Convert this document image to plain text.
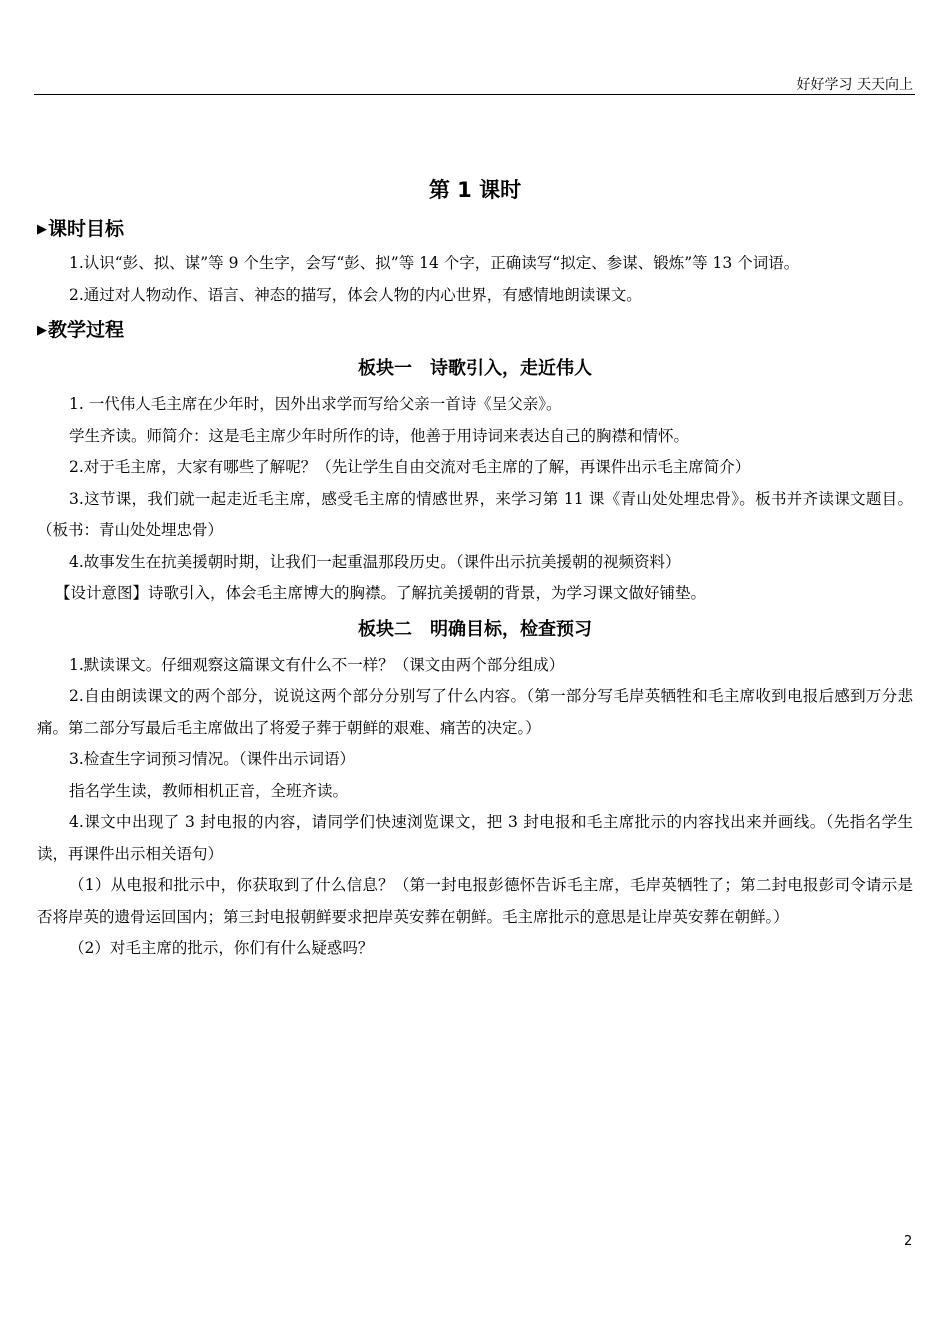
好好学习 天天向上
第 1 课时
▶课时目标

1.认识“彭、拟、谋”等 9 个生字，会写“彭、拟”等 14 个字，正确读写“拟定、参谋、锻炼”等 13 个词语。

2.通过对人物动作、语言、神态的描写，体会人物的内心世界，有感情地朗读课文。

▶教学过程
板块一　诗歌引入，走近伟人

1. 一代伟人毛主席在少年时，因外出求学而写给父亲一首诗《呈父亲》。

学生齐读。师简介：这是毛主席少年时所作的诗，他善于用诗词来表达自己的胸襟和情怀。

2.对于毛主席，大家有哪些了解呢？（先让学生自由交流对毛主席的了解，再课件出示毛主席简介）

3.这节课，我们就一起走近毛主席，感受毛主席的情感世界，来学习第 11 课《青山处处埋忠骨》。板书并齐读课文题目。（板书：青山处处埋忠骨）

4.故事发生在抗美援朝时期，让我们一起重温那段历史。（课件出示抗美援朝的视频资料）

【设计意图】诗歌引入，体会毛主席博大的胸襟。了解抗美援朝的背景，为学习课文做好铺垫。

板块二　明确目标，检查预习

1.默读课文。仔细观察这篇课文有什么不一样？（课文由两个部分组成）

2.自由朗读课文的两个部分，说说这两个部分分别写了什么内容。（第一部分写毛岸英牺牲和毛主席收到电报后感到万分悲痛。第二部分写最后毛主席做出了将爱子葬于朝鲜的艰难、痛苦的决定。）

3.检查生字词预习情况。（课件出示词语）

指名学生读，教师相机正音，全班齐读。

4.课文中出现了 3 封电报的内容，请同学们快速浏览课文，把 3 封电报和毛主席批示的内容找出来并画线。（先指名学生读，再课件出示相关语句）

（1）从电报和批示中，你获取到了什么信息？（第一封电报彭德怀告诉毛主席，毛岸英牺牲了；第二封电报彭司令请示是否将岸英的遗骨运回国内；第三封电报朝鲜要求把岸英安葬在朝鲜。毛主席批示的意思是让岸英安葬在朝鲜。）

（2）对毛主席的批示，你们有什么疑惑吗？

2
